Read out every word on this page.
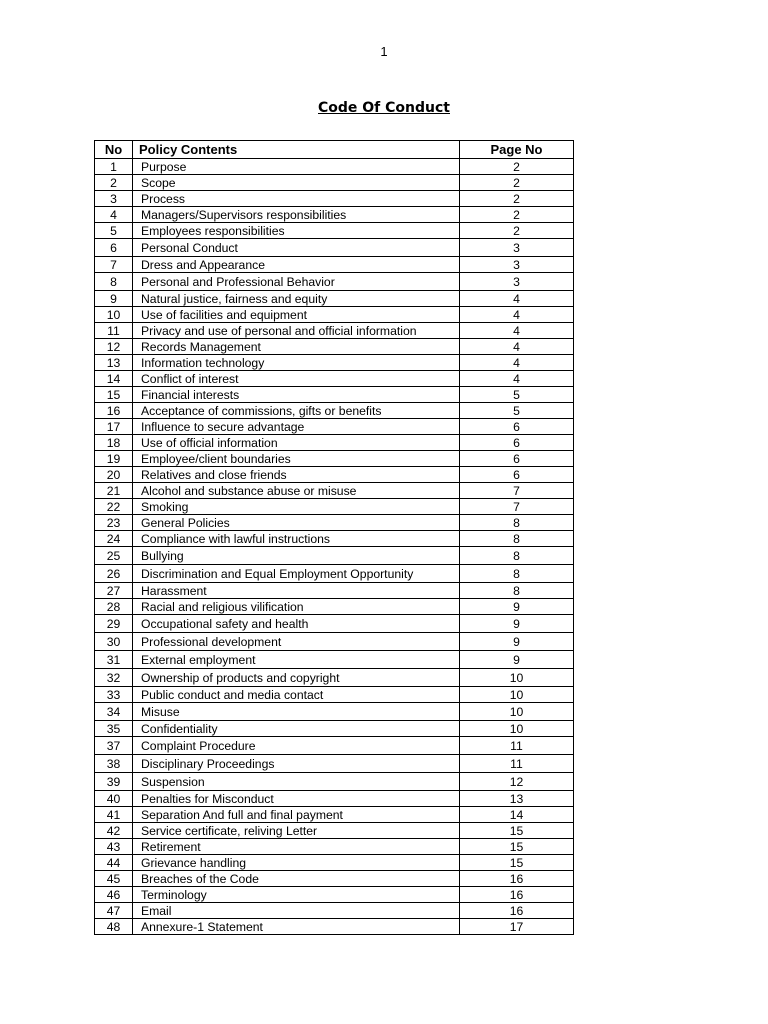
1
Code Of Conduct
No	Policy Contents	Page No
1	Purpose	2
2	Scope	2
3	Process	2
4	Managers/Supervisors responsibilities	2
5	Employees responsibilities	2
6	Personal Conduct	3
7	Dress and Appearance	3
8	Personal and Professional Behavior	3
9	Natural justice, fairness and equity	4
10	Use of facilities and equipment	4
11	Privacy and use of personal and official information	4
12	Records Management	4
13	Information technology	4
14	Conflict of interest	4
15	Financial interests	5
16	Acceptance of commissions, gifts or benefits	5
17	Influence to secure advantage	6
18	Use of official information	6
19	Employee/client boundaries	6
20	Relatives and close friends	6
21	Alcohol and substance abuse or misuse	7
22	Smoking	7
23	General Policies	8
24	Compliance with lawful instructions	8
25	Bullying	8
26	Discrimination and Equal Employment Opportunity	8
27	Harassment	8
28	Racial and religious vilification	9
29	Occupational safety and health	9
30	Professional development	9
31	External employment	9
32	Ownership of products and copyright	10
33	Public conduct and media contact	10
34	Misuse	10
35	Confidentiality	10
37	Complaint Procedure	11
38	Disciplinary Proceedings	11
39	Suspension	12
40	Penalties for Misconduct	13
41	Separation And full and final payment	14
42	Service certificate, reliving Letter	15
43	Retirement	15
44	Grievance handling	15
45	Breaches of the Code	16
46	Terminology	16
47	Email	16
48	Annexure-1 Statement	17
